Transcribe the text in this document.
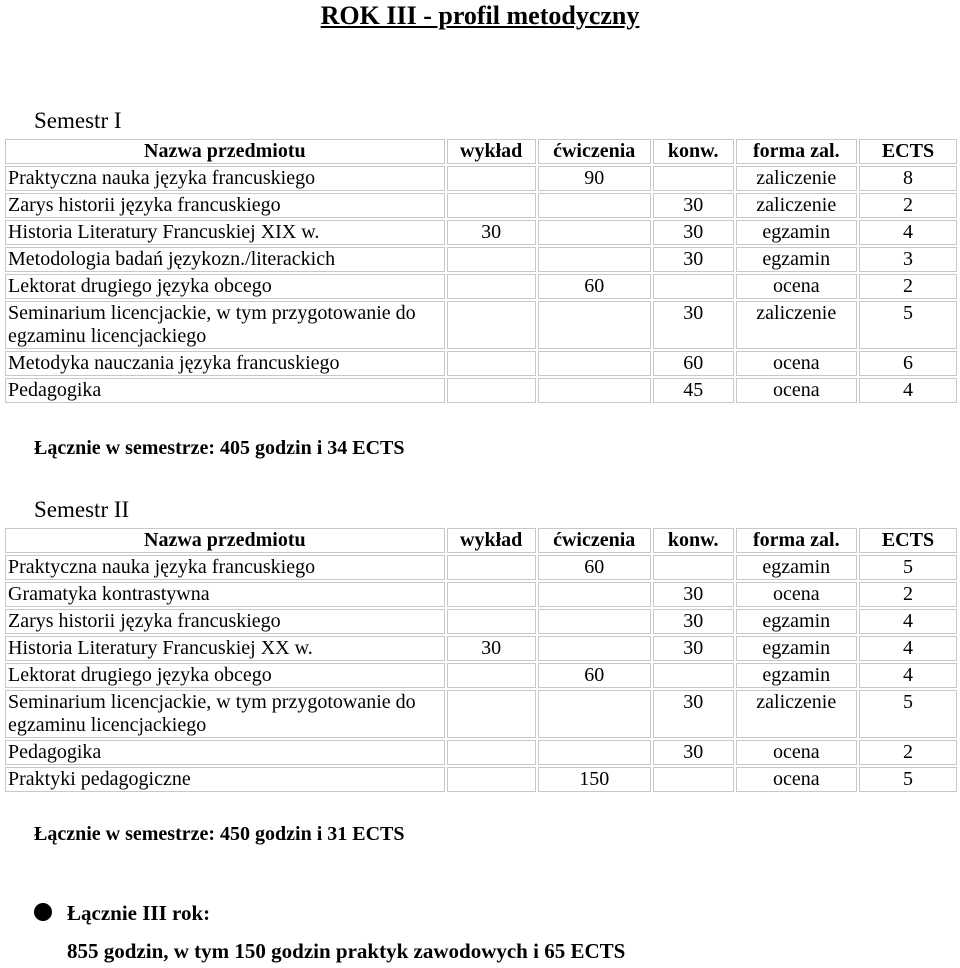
ROK III - profil metodyczny
Semestr I
Nazwa przedmiotu	wykład	ćwiczenia	konw.	forma zal.	ECTS
Praktyczna nauka języka francuskiego		90		zaliczenie	8
Zarys historii języka francuskiego			30	zaliczenie	2
Historia Literatury Francuskiej XIX w.	30		30	egzamin	4
Metodologia badań językozn./literackich			30	egzamin	3
Lektorat drugiego języka obcego		60		ocena	2
Seminarium licencjackie, w tym przygotowanie do egzaminu licencjackiego			30	zaliczenie	5
Metodyka nauczania języka francuskiego			60	ocena	6
Pedagogika			45	ocena	4
Łącznie w semestrze: 405 godzin i 34 ECTS
Semestr II
Nazwa przedmiotu	wykład	ćwiczenia	konw.	forma zal.	ECTS
Praktyczna nauka języka francuskiego		60		egzamin	5
Gramatyka kontrastywna			30	ocena	2
Zarys historii języka francuskiego			30	egzamin	4
Historia Literatury Francuskiej XX w.	30		30	egzamin	4
Lektorat drugiego języka obcego		60		egzamin	4
Seminarium licencjackie, w tym przygotowanie do egzaminu licencjackiego			30	zaliczenie	5
Pedagogika			30	ocena	2
Praktyki pedagogiczne		150		ocena	5
Łącznie w semestrze: 450 godzin i 31 ECTS
Łącznie III rok:
855 godzin, w tym 150 godzin praktyk zawodowych i 65 ECTS
